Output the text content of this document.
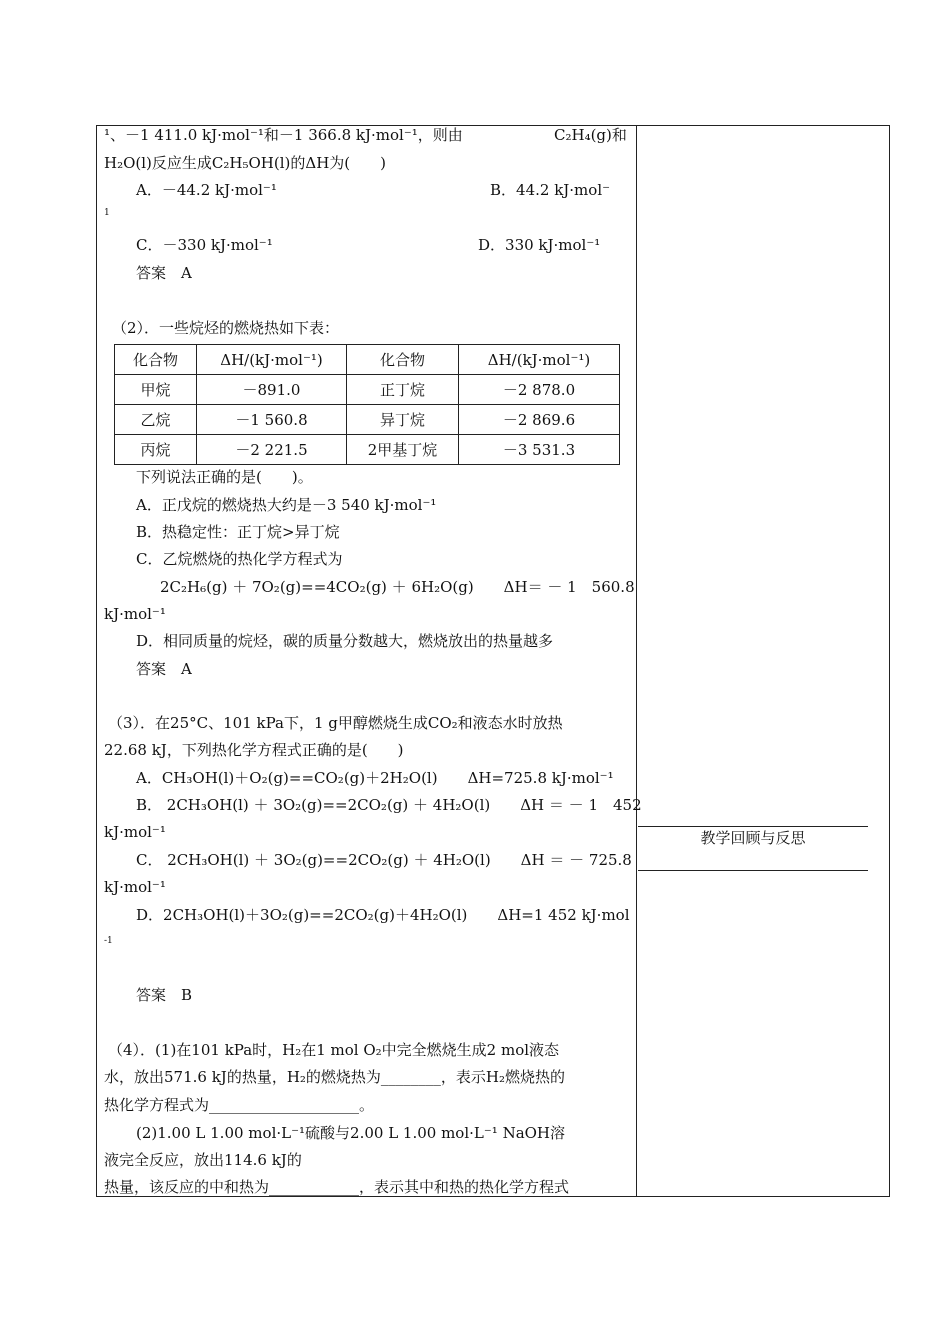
教学回顾与反思
¹、－1 411.0 kJ·mol⁻¹和－1 366.8 kJ·mol⁻¹，则由	C₂H₄(g)和
H₂O(l)反应生成C₂H₅OH(l)的ΔH为(　　)
A．－44.2 kJ·mol⁻¹	B．44.2 kJ·mol⁻
1
C．－330 kJ·mol⁻¹	D．330 kJ·mol⁻¹
答案　A
（2）．一些烷烃的燃烧热如下表：
化合物	ΔH/(kJ·mol⁻¹)	化合物	ΔH/(kJ·mol⁻¹)
甲烷	－891.0	正丁烷	－2 878.0
乙烷	－1 560.8	异丁烷	－2 869.6
丙烷	－2 221.5	2甲基丁烷	－3 531.3
下列说法正确的是(　　)。
A．正戊烷的燃烧热大约是－3 540 kJ·mol⁻¹
B．热稳定性：正丁烷>异丁烷
C．乙烷燃烧的热化学方程式为
2C₂H₆(g) ＋ 7O₂(g)==4CO₂(g) ＋ 6H₂O(g)　　ΔH＝ － 1　560.8
kJ·mol⁻¹
D．相同质量的烷烃，碳的质量分数越大，燃烧放出的热量越多
答案　A
（3）．在25°C、101 kPa下，1 g甲醇燃烧生成CO₂和液态水时放热
22.68 kJ，下列热化学方程式正确的是(　　)
A．CH₃OH(l)＋O₂(g)==CO₂(g)＋2H₂O(l)　　ΔH=725.8 kJ·mol⁻¹
B． 2CH₃OH(l) ＋ 3O₂(g)==2CO₂(g) ＋ 4H₂O(l)　　ΔH ＝ － 1　452
kJ·mol⁻¹
C． 2CH₃OH(l) ＋ 3O₂(g)==2CO₂(g) ＋ 4H₂O(l)　　ΔH ＝ － 725.8
kJ·mol⁻¹
D．2CH₃OH(l)＋3O₂(g)==2CO₂(g)＋4H₂O(l)　　ΔH=1 452 kJ·mol
-1
答案　B
（4）．(1)在101 kPa时，H₂在1 mol O₂中完全燃烧生成2 mol液态
水，放出571.6 kJ的热量，H₂的燃烧热为________，表示H₂燃烧热的
热化学方程式为____________________。
(2)1.00 L 1.00 mol·L⁻¹硫酸与2.00 L 1.00 mol·L⁻¹ NaOH溶
液完全反应，放出114.6 kJ的
热量，该反应的中和热为____________，表示其中和热的热化学方程式
